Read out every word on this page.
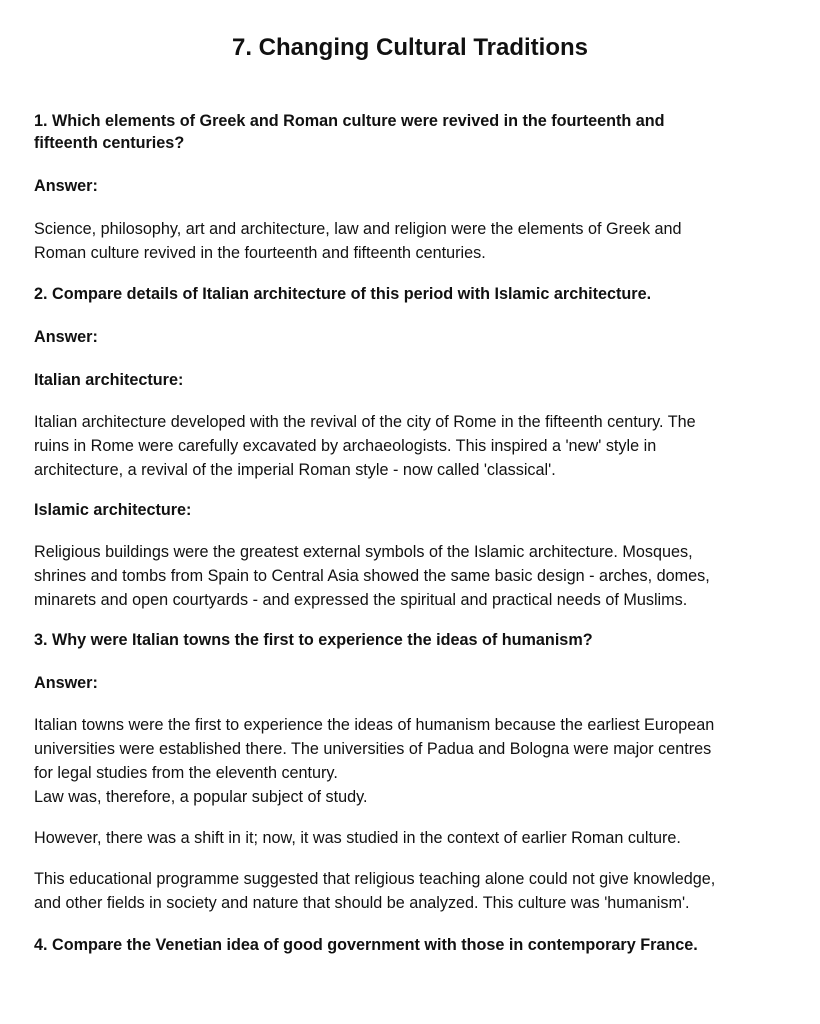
7. Changing Cultural Traditions
1. Which elements of Greek and Roman culture were revived in the fourteenth and
fifteenth centuries?

Answer:

Science, philosophy, art and architecture, law and religion were the elements of Greek and
Roman culture revived in the fourteenth and fifteenth centuries.
2. Compare details of Italian architecture of this period with Islamic architecture.

Answer:

Italian architecture:

Italian architecture developed with the revival of the city of Rome in the fifteenth century. The
ruins in Rome were carefully excavated by archaeologists. This inspired a 'new' style in
architecture, a revival of the imperial Roman style - now called 'classical'.

Islamic architecture:

Religious buildings were the greatest external symbols of the Islamic architecture. Mosques,
shrines and tombs from Spain to Central Asia showed the same basic design - arches, domes,
minarets and open courtyards - and expressed the spiritual and practical needs of Muslims.
3. Why were Italian towns the first to experience the ideas of humanism?

Answer:

Italian towns were the first to experience the ideas of humanism because the earliest European
universities were established there. The universities of Padua and Bologna were major centres
for legal studies from the eleventh century.
Law was, therefore, a popular subject of study.
However, there was a shift in it; now, it was studied in the context of earlier Roman culture.
This educational programme suggested that religious teaching alone could not give knowledge,
and other fields in society and nature that should be analyzed. This culture was 'humanism'.
4. Compare the Venetian idea of good government with those in contemporary France.
